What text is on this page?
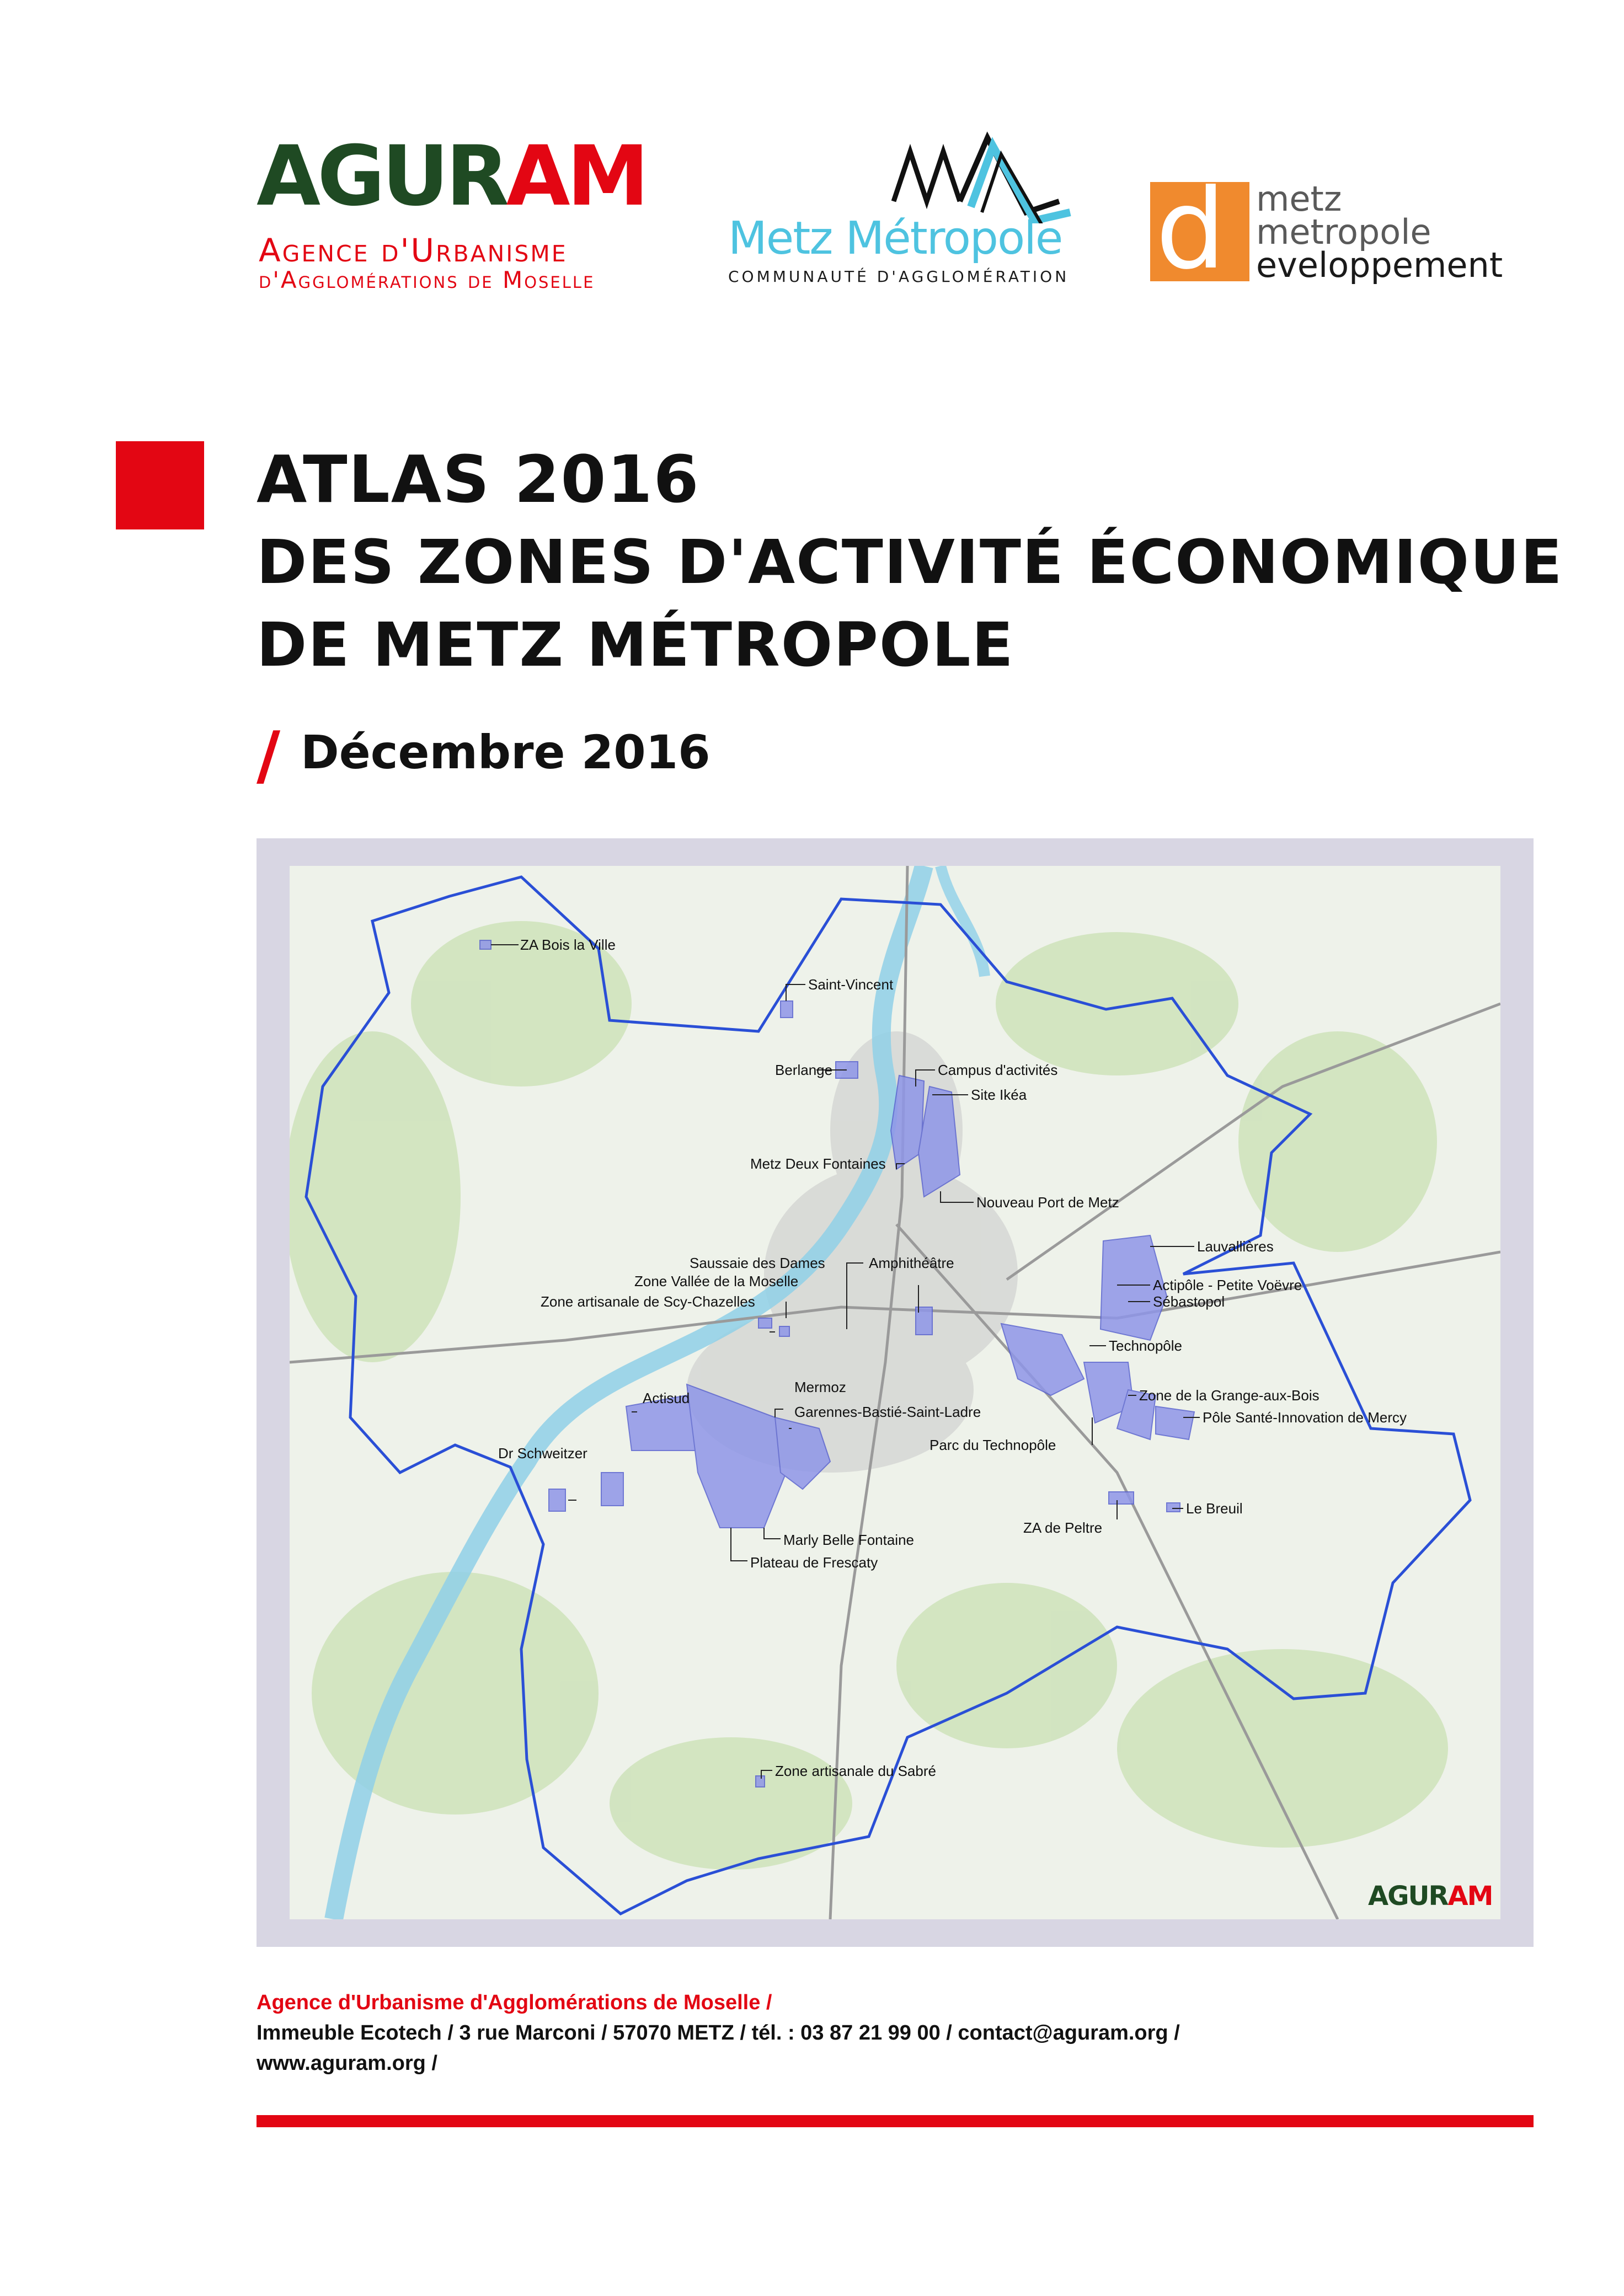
AGURAM
Agence d'Urbanisme
d'Agglomérations de Moselle
Metz Métropole
COMMUNAUTÉ D'AGGLOMÉRATION d metz
metropole
eveloppement
ATLAS 2016
DES ZONES D'ACTIVITÉ ÉCONOMIQUE
DE METZ MÉTROPOLE
/ Décembre 2016
ZA Bois la Ville
Saint-Vincent
Campus d'activités
Berlange
Site Ikéa
Metz Deux Fontaines
Nouveau Port de Metz
Lauvallières
Saussaie des Dames	Amphithéâtre
Zone Vallée de la Moselle	Actipôle - Petite Voëvre
Sébastopol
Zone artisanale de Scy-Chazelles
Technopôle
Mermoz	Zone de la Grange-aux-Bois
Actisud
Garennes-Bastié-Saint-Ladre	Pôle Santé-Innovation de Mercy
Parc du Technopôle
Dr Schweitzer
Le Breuil
ZA de Peltre
Marly Belle Fontaine
Plateau de Frescaty
Zone artisanale du Sabré
AGURAM
Agence d'Urbanisme d'Agglomérations de Moselle /
Immeuble Ecotech / 3 rue Marconi / 57070 METZ / tél. : 03 87 21 99 00 / contact@aguram.org /
www.aguram.org /
